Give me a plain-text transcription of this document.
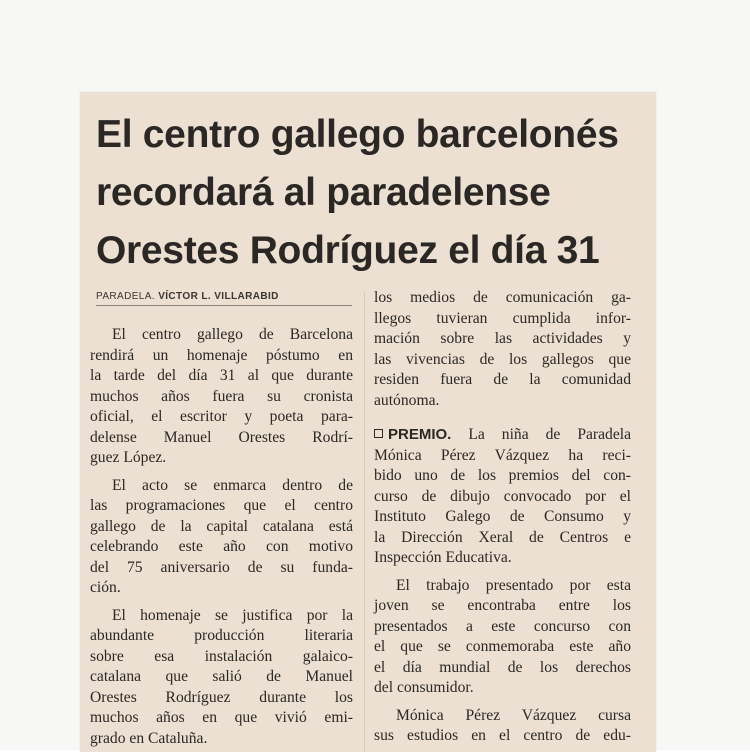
El centro gallego barcelonés
recordará al paradelense
Orestes Rodríguez el día 31
PARADELA. VÍCTOR L. VILLARABID

El centro gallego de Barcelona
rendirá un homenaje póstumo en
la tarde del día 31 al que durante
muchos años fuera su cronista
oficial, el escritor y poeta para-
delense Manuel Orestes Rodrí-
guez López.

El acto se enmarca dentro de
las programaciones que el centro
gallego de la capital catalana está
celebrando este año con motivo
del 75 aniversario de su funda-
ción.

El homenaje se justifica por la
abundante producción literaria
sobre esa instalación galaico-
catalana que salió de Manuel
Orestes Rodríguez durante los
muchos años en que vivió emi-
grado en Cataluña.

los medios de comunicación ga-
llegos tuvieran cumplida infor-
mación sobre las actividades y
las vivencias de los gallegos que
residen fuera de la comunidad
autónoma.

PREMIO. La niña de Paradela
Mónica Pérez Vázquez ha reci-
bido uno de los premios del con-
curso de dibujo convocado por el
Instituto Galego de Consumo y
la Dirección Xeral de Centros e
Inspección Educativa.

El trabajo presentado por esta
joven se encontraba entre los
presentados a este concurso con
el que se conmemoraba este año
el día mundial de los derechos
del consumidor.

Mónica Pérez Vázquez cursa
sus estudios en el centro de edu-
